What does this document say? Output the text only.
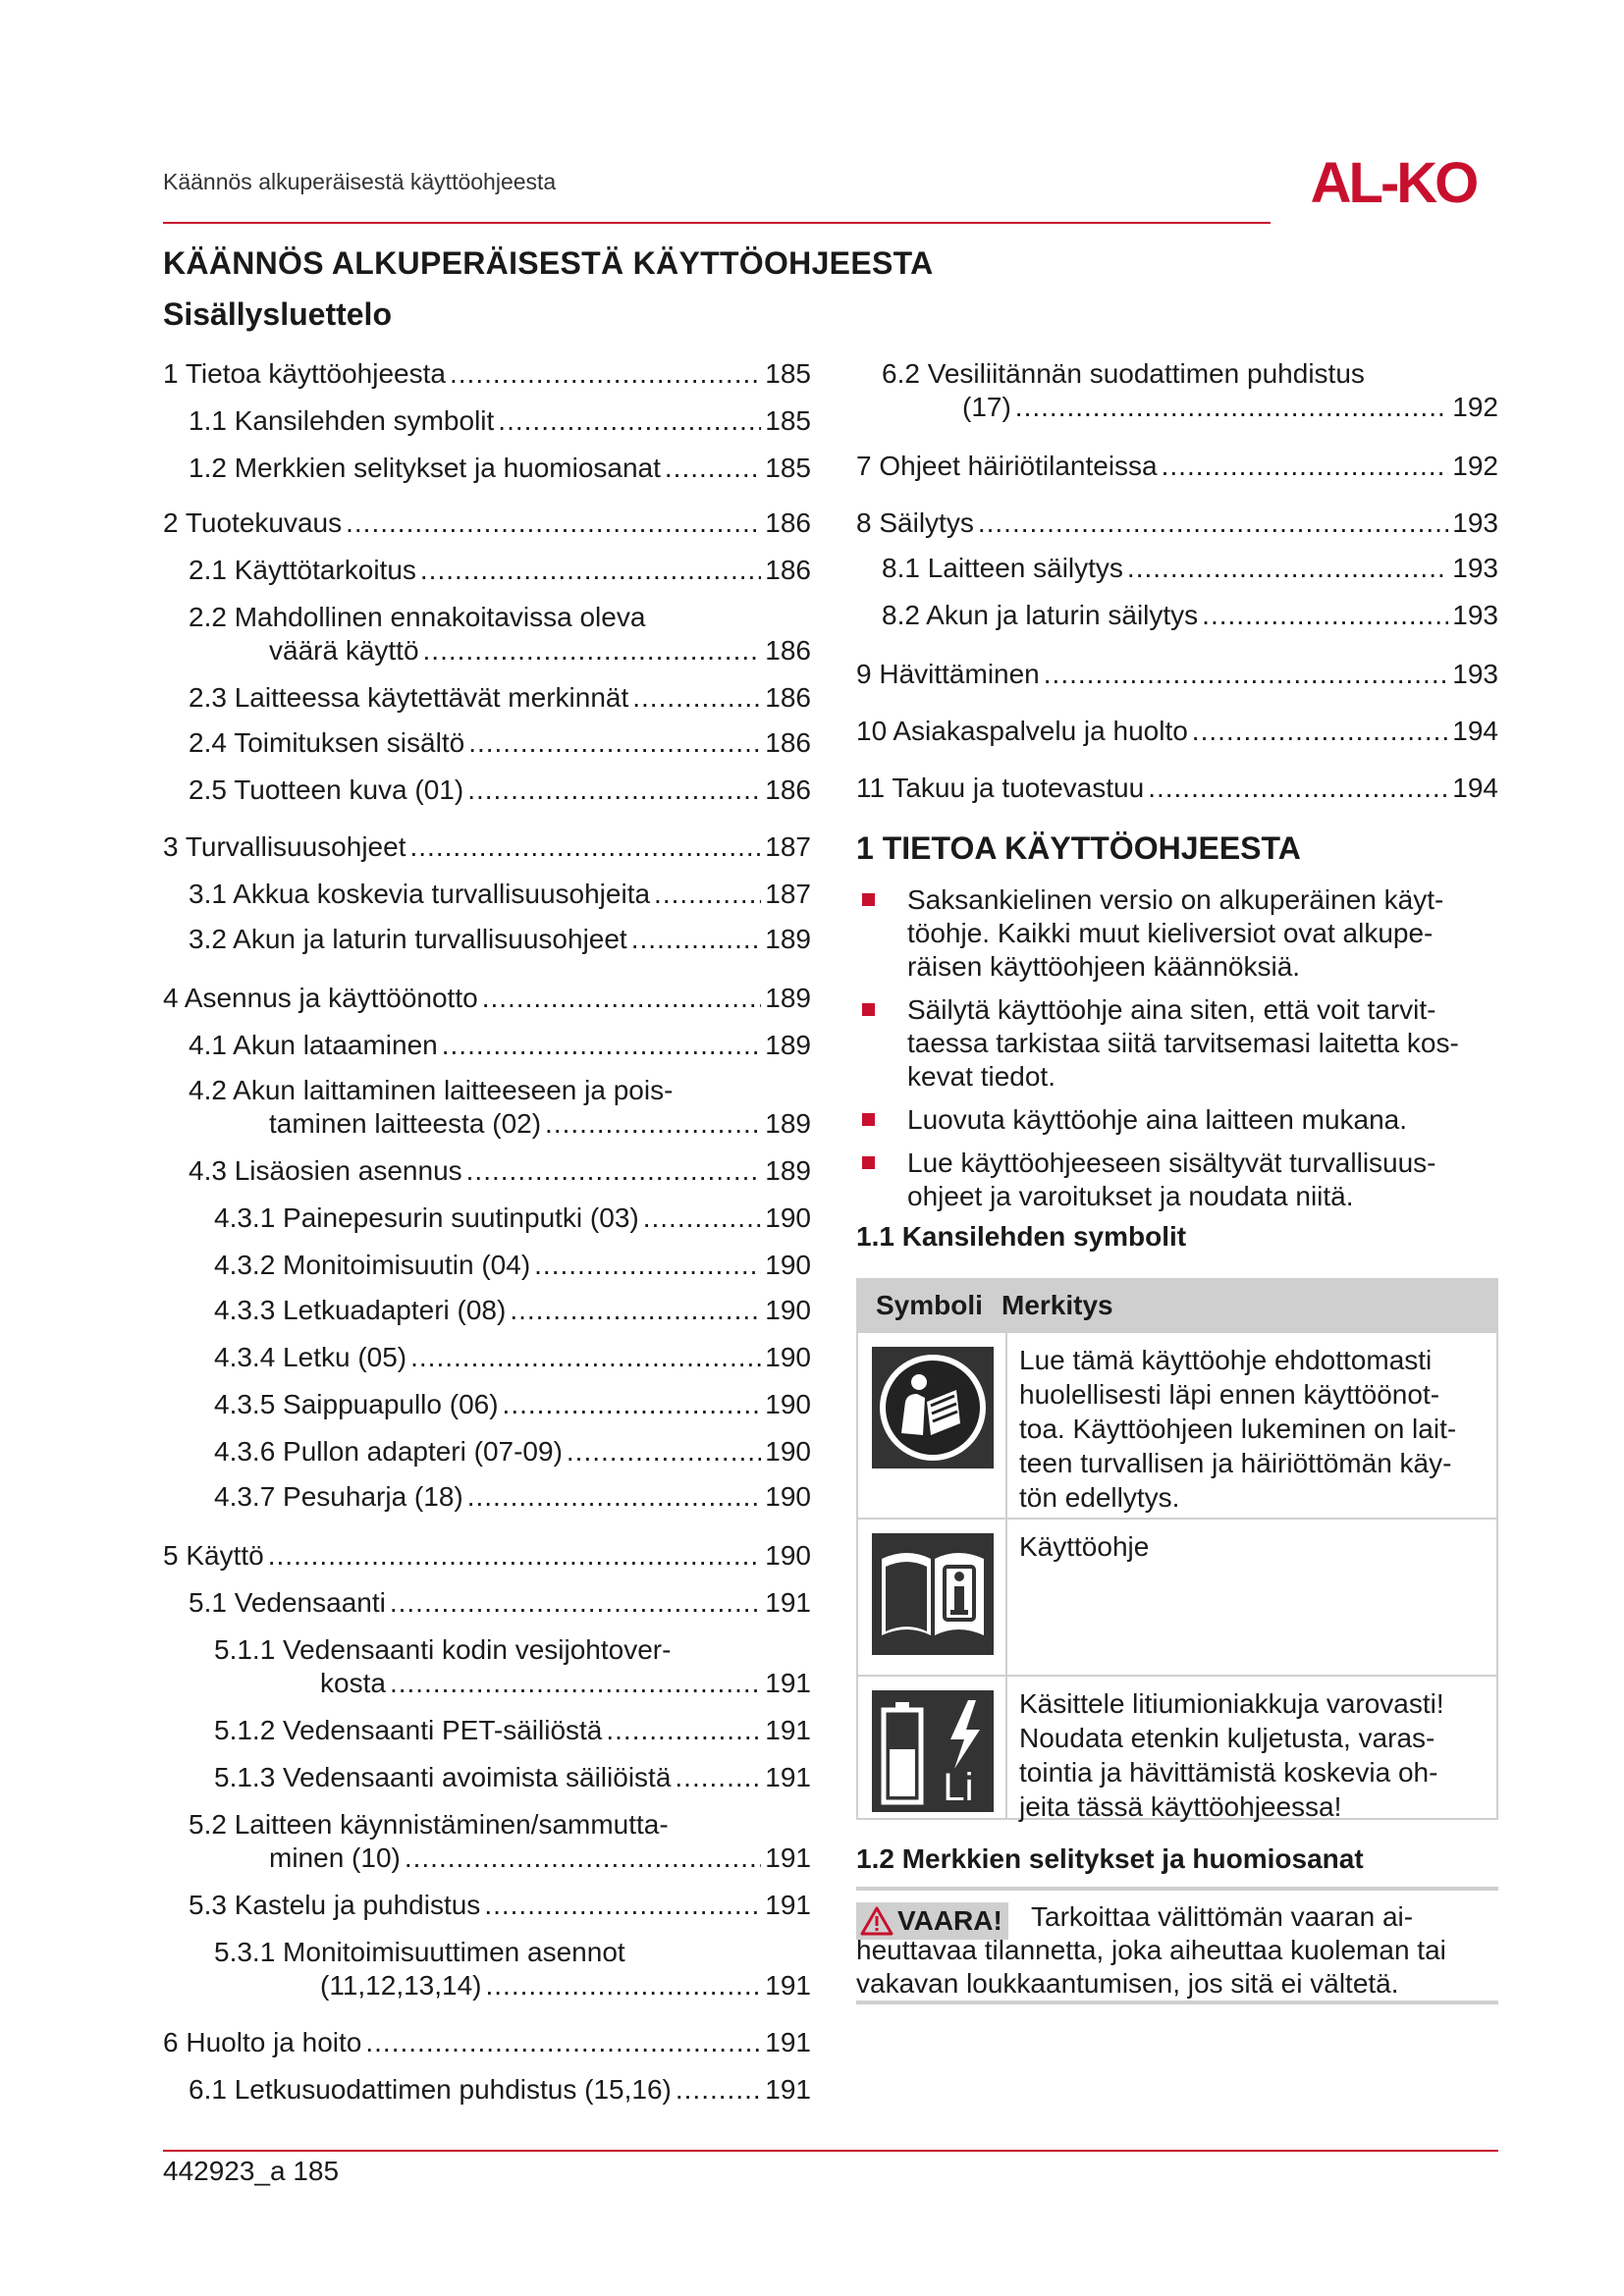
Käännös alkuperäisestä käyttöohjeesta	AL-KO
KÄÄNNÖS ALKUPERÄISESTÄ KÄYTTÖOHJEESTA
Sisällysluettelo
1 Tietoa käyttöohjeesta .....	185
1.1 Kansilehden symbolit .....	185
1.2 Merkkien selitykset ja huomiosanat .....	185
2 Tuotekuvaus .....	186
2.1 Käyttötarkoitus .....	186
2.2 Mahdollinen ennakoitavissa oleva
väärä käyttö .....	186
2.3 Laitteessa käytettävät merkinnät .....	186
2.4 Toimituksen sisältö .....	186
2.5 Tuotteen kuva (01) .....	186
3 Turvallisuusohjeet .....	187
3.1 Akkua koskevia turvallisuusohjeita .....	187
3.2 Akun ja laturin turvallisuusohjeet .....	189
4 Asennus ja käyttöönotto .....	189
4.1 Akun lataaminen .....	189
4.2 Akun laittaminen laitteeseen ja pois-
taminen laitteesta (02) .....	189
4.3 Lisäosien asennus .....	189
4.3.1 Painepesurin suutinputki (03) .....	190
4.3.2 Monitoimisuutin (04) .....	190
4.3.3 Letkuadapteri (08) .....	190
4.3.4 Letku (05) .....	190
4.3.5 Saippuapullo (06) .....	190
4.3.6 Pullon adapteri (07-09) .....	190
4.3.7 Pesuharja (18) .....	190
5 Käyttö .....	190
5.1 Vedensaanti .....	191
5.1.1 Vedensaanti kodin vesijohtover-
kosta .....	191
5.1.2 Vedensaanti PET-säiliöstä .....	191
5.1.3 Vedensaanti avoimista säiliöistä .....	191
5.2 Laitteen käynnistäminen/sammutta-
minen (10) .....	191
5.3 Kastelu ja puhdistus .....	191
5.3.1 Monitoimisuuttimen asennot
(11,12,13,14) .....	191
6 Huolto ja hoito .....	191
6.1 Letkusuodattimen puhdistus (15,16) .....	191
6.2 Vesiliitännän suodattimen puhdistus
(17) .....	192
7 Ohjeet häiriötilanteissa .....	192
8 Säilytys .....	193
8.1 Laitteen säilytys .....	193
8.2 Akun ja laturin säilytys .....	193
9 Hävittäminen .....	193
10 Asiakaspalvelu ja huolto .....	194
11 Takuu ja tuotevastuu .....	194
1 TIETOA KÄYTTÖOHJEESTA
Saksankielinen versio on alkuperäinen käyt-
töohje. Kaikki muut kieliversiot ovat alkupe-
räisen käyttöohjeen käännöksiä.
Säilytä käyttöohje aina siten, että voit tarvit-
taessa tarkistaa siitä tarvitsemasi laitetta kos-
kevat tiedot.
Luovuta käyttöohje aina laitteen mukana.
Lue käyttöohjeeseen sisältyvät turvallisuus-
ohjeet ja varoitukset ja noudata niitä.
1.1 Kansilehden symbolit
Symboli Merkitys
Lue tämä käyttöohje ehdottomasti
huolellisesti läpi ennen käyttöönot-
toa. Käyttöohjeen lukeminen on lait-
teen turvallisen ja häiriöttömän käy-
tön edellytys.
Käyttöohje
Li
Käsittele litiumioniakkuja varovasti!
Noudata etenkin kuljetusta, varas-
tointia ja hävittämistä koskevia oh-
jeita tässä käyttöohjeessa!
1.2 Merkkien selitykset ja huomiosanat
VAARA!	Tarkoittaa välittömän vaaran ai-
heuttavaa tilannetta, joka aiheuttaa kuoleman tai
vakavan loukkaantumisen, jos sitä ei vältetä.
442923_a 185
